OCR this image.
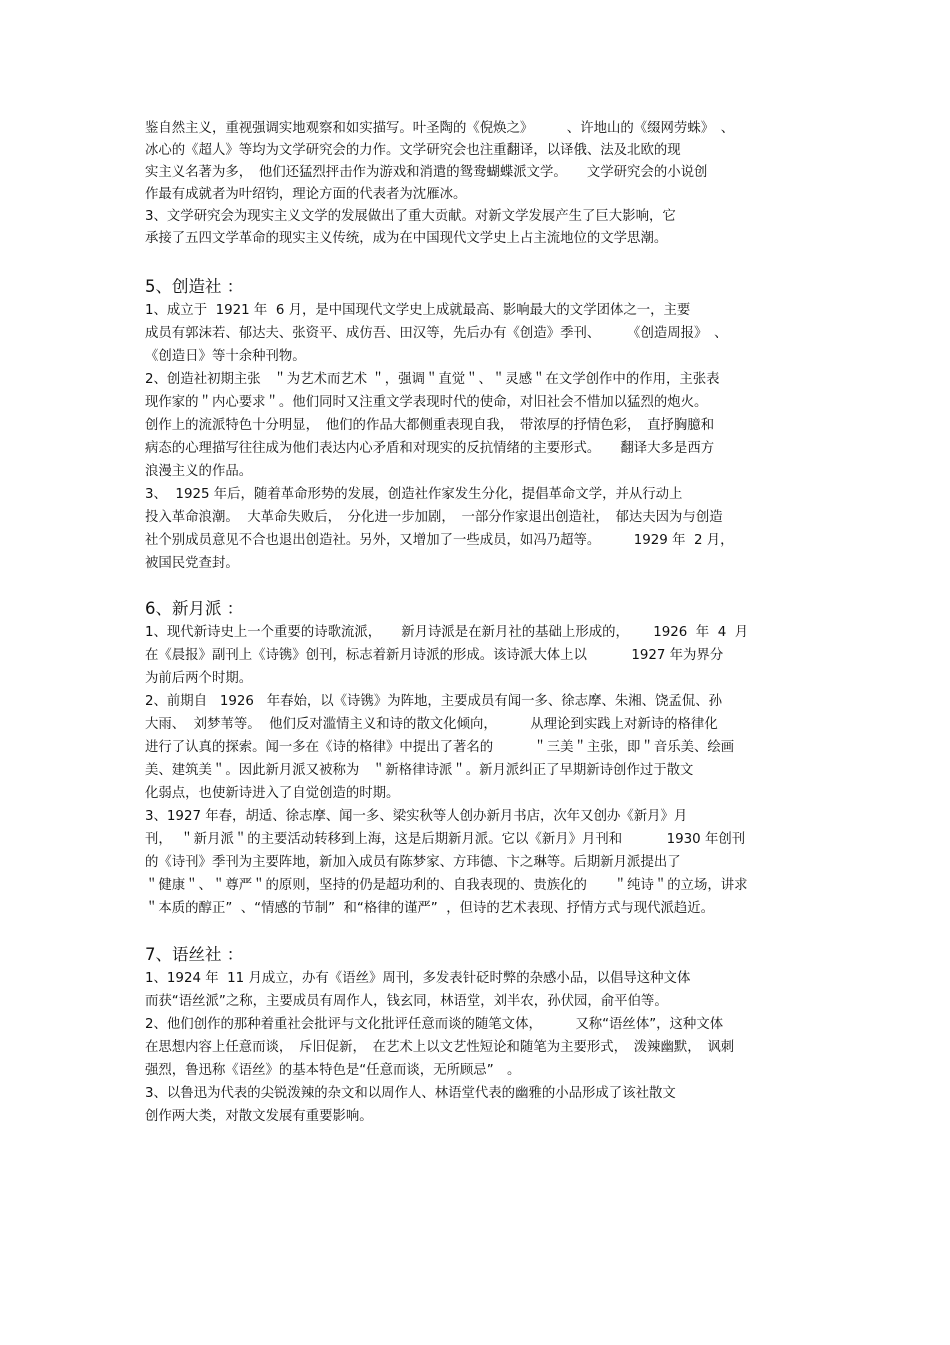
鉴自然主义，重视强调实地观察和如实描写。叶圣陶的《倪焕之》　　　、许地山的《缀网劳蛛》　、
冰心的《超人》等均为文学研究会的力作。文学研究会也注重翻译，以译俄、法及北欧的现
实主义名著为多，　他们还猛烈抨击作为游戏和消遣的鸳鸯蝴蝶派文学。　　文学研究会的小说创
作最有成就者为叶绍钧，理论方面的代表者为沈雁冰。
3、文学研究会为现实主义文学的发展做出了重大贡献。对新文学发展产生了巨大影响，它
承接了五四文学革命的现实主义传统，成为在中国现代文学史上占主流地位的文学思潮。
5、创造社 ：
1、成立于  1921 年  6 月，是中国现代文学史上成就最高、影响最大的文学团体之一，主要
成员有郭沫若、郁达夫、张资平、成仿吾、田汉等，先后办有《创造》季刊、　　　《创造周报》　、
《创造日》等十余种刊物。
2、创造社初期主张   ＂为艺术而艺术 ＂，强调＂直觉＂、＂灵感＂在文学创作中的作用，主张表
现作家的＂内心要求＂。他们同时又注重文学表现时代的使命，对旧社会不惜加以猛烈的炮火。
创作上的流派特色十分明显，　他们的作品大都侧重表现自我，　带浓厚的抒情色彩，　直抒胸臆和
病态的心理描写往往成为他们表达内心矛盾和对现实的反抗情绪的主要形式。　　翻译大多是西方
浪漫主义的作品。
3、  1925 年后，随着革命形势的发展，创造社作家发生分化，提倡革命文学，并从行动上
投入革命浪潮。  大革命失败后，　分化进一步加剧，　一部分作家退出创造社，　郁达夫因为与创造
社个别成员意见不合也退出创造社。另外，又增加了一些成员，如冯乃超等。　　　1929 年  2 月，
被国民党查封。
6、新月派 ：
1、现代新诗史上一个重要的诗歌流派，　　新月诗派是在新月社的基础上形成的，　　 1926  年  4  月
在《晨报》副刊上《诗镌》创刊，标志着新月诗派的形成。该诗派大体上以　　　 1927 年为界分
为前后两个时期。
2、前期自   1926   年春始，以《诗镌》为阵地，主要成员有闻一多、徐志摩、朱湘、饶孟侃、孙
大雨、  刘梦苇等。  他们反对滥情主义和诗的散文化倾向，　　　从理论到实践上对新诗的格律化
进行了认真的探索。闻一多在《诗的格律》中提出了著名的　　　＂三美＂主张，即＂音乐美、绘画
美、建筑美＂。因此新月派又被称为   ＂新格律诗派＂。新月派纠正了早期新诗创作过于散文
化弱点，也使新诗进入了自觉创造的时期。
3、1927 年春，胡适、徐志摩、闻一多、梁实秋等人创办新月书店，次年又创办《新月》月
刊，  ＂新月派＂的主要活动转移到上海，这是后期新月派。它以《新月》月刊和　　　 1930 年创刊
的《诗刊》季刊为主要阵地，新加入成员有陈梦家、方玮德、卞之琳等。后期新月派提出了
＂健康＂、＂尊严＂的原则，坚持的仍是超功利的、自我表现的、贵族化的　　＂纯诗＂的立场，讲求
＂本质的醇正”  、“情感的节制”  和“格律的谨严”  ，但诗的艺术表现、抒情方式与现代派趋近。
7、语丝社 ：
1、1924 年  11 月成立，办有《语丝》周刊，多发表针砭时弊的杂感小品，以倡导这种文体
而获“语丝派”之称，主要成员有周作人，钱玄同，林语堂，刘半农，孙伏园，俞平伯等。
2、他们创作的那种着重社会批评与文化批评任意而谈的随笔文体，　　　又称“语丝体”，这种文体
在思想内容上任意而谈，　斥旧促新，　在艺术上以文艺性短论和随笔为主要形式，　泼辣幽默，　讽刺
强烈，鲁迅称《语丝》的基本特色是“任意而谈，无所顾忌”　。
3、以鲁迅为代表的尖锐泼辣的杂文和以周作人、林语堂代表的幽雅的小品形成了该社散文
创作两大类，对散文发展有重要影响。
